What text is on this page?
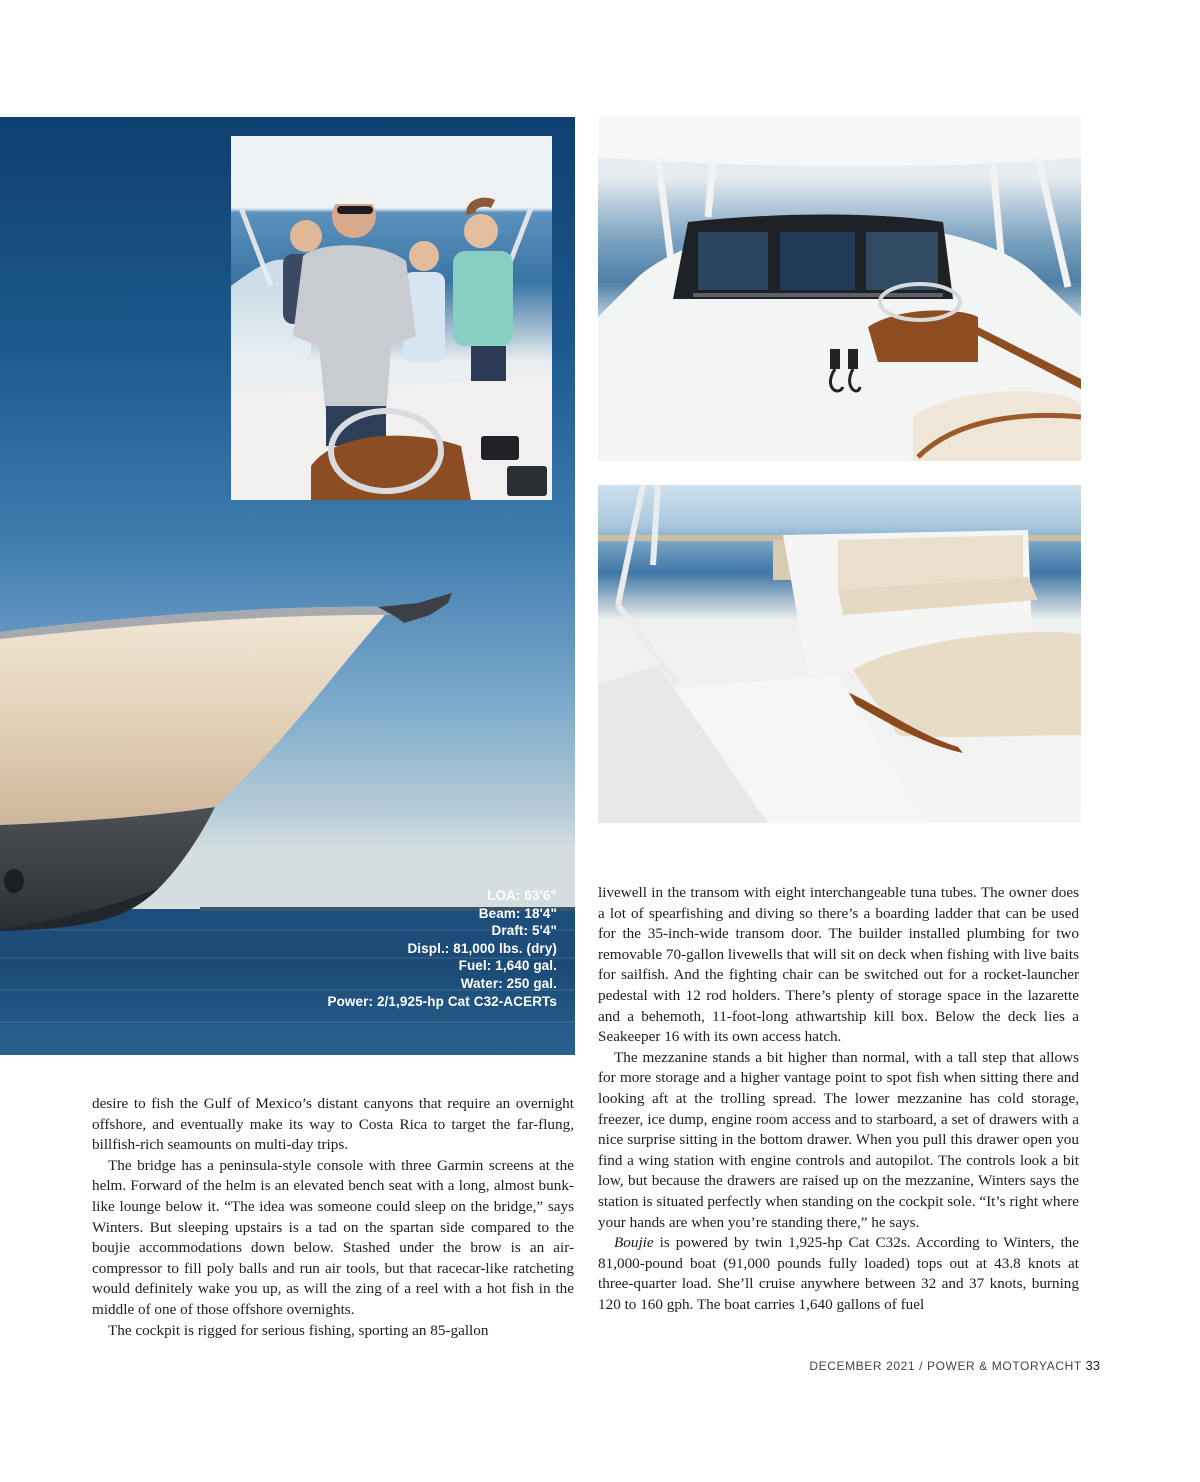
LOA: 63'6"
Beam: 18'4"
Draft: 5'4"
Displ.: 81,000 lbs. (dry)
Fuel: 1,640 gal.
Water: 250 gal.
Power: 2/1,925-hp Cat C32-ACERTs

desire to fish the Gulf of Mexico’s distant canyons that require an overnight offshore, and eventually make its way to Costa Rica to target the far-flung, billfish-rich seamounts on multi-day trips.

The bridge has a peninsula-style console with three Garmin screens at the helm. Forward of the helm is an elevated bench seat with a long, almost bunk-like lounge below it. “The idea was someone could sleep on the bridge,” says Winters. But sleeping upstairs is a tad on the spartan side compared to the boujie accommodations down below. Stashed under the brow is an air-compressor to fill poly balls and run air tools, but that racecar-like ratcheting would definitely wake you up, as will the zing of a reel with a hot fish in the middle of one of those offshore overnights.

The cockpit is rigged for serious fishing, sporting an 85-gallon

livewell in the transom with eight interchangeable tuna tubes. The owner does a lot of spearfishing and diving so there’s a boarding ladder that can be used for the 35-inch-wide transom door. The builder installed plumbing for two removable 70-gallon livewells that will sit on deck when fishing with live baits for sailfish. And the fighting chair can be switched out for a rocket-launcher pedestal with 12 rod holders. There’s plenty of storage space in the lazarette and a behemoth, 11-foot-long athwartship kill box. Below the deck lies a Seakeeper 16 with its own access hatch.

The mezzanine stands a bit higher than normal, with a tall step that allows for more storage and a higher vantage point to spot fish when sitting there and looking aft at the trolling spread. The lower mezzanine has cold storage, freezer, ice dump, engine room access and to starboard, a set of drawers with a nice surprise sitting in the bottom drawer. When you pull this drawer open you find a wing station with engine controls and autopilot. The controls look a bit low, but because the drawers are raised up on the mezzanine, Winters says the station is situated perfectly when standing on the cockpit sole. “It’s right where your hands are when you’re standing there,” he says.

Boujie is powered by twin 1,925-hp Cat C32s. According to Winters, the 81,000-pound boat (91,000 pounds fully loaded) tops out at 43.8 knots at three-quarter load. She’ll cruise anywhere between 32 and 37 knots, burning 120 to 160 gph. The boat carries 1,640 gallons of fuel

DECEMBER 2021 / POWER & MOTORYACHT 33
